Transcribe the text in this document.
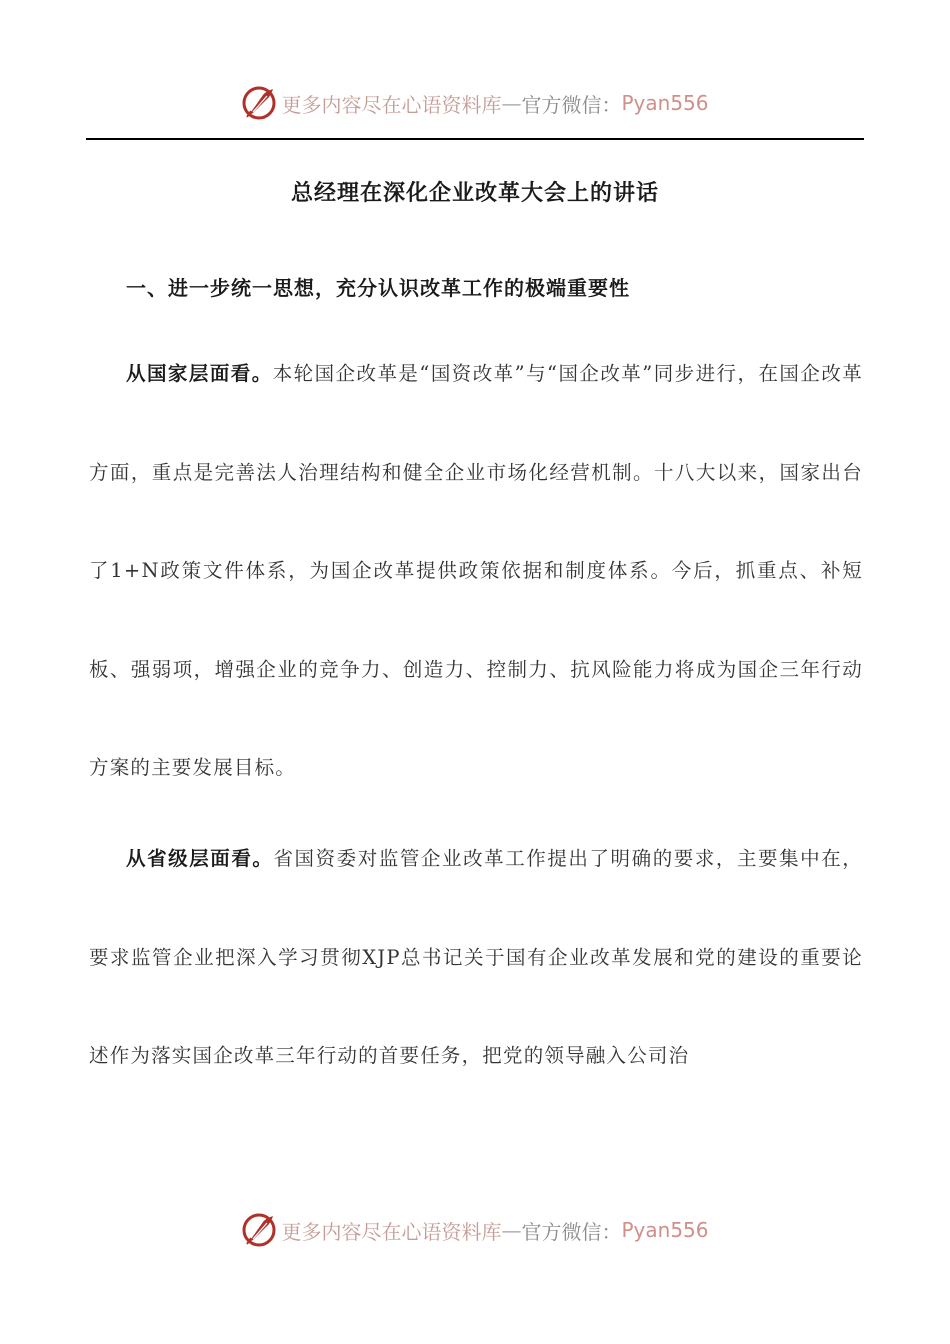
更多内容尽在心语资料库 — 官方微信： Pyan556
总经理在深化企业改革大会上的讲话
一、进一步统一思想，充分认识改革工作的极端重要性
从国家层面看。本轮国企改革是“国资改革”与“国企改革”同步进行，在国企改革方面，重点是完善法人治理结构和健全企业市场化经营机制。十八大以来，国家出台了1+N政策文件体系，为国企改革提供政策依据和制度体系。今后，抓重点、补短板、强弱项，增强企业的竞争力、创造力、控制力、抗风险能力将成为国企三年行动方案的主要发展目标。
从省级层面看。省国资委对监管企业改革工作提出了明确的要求，主要集中在，要求监管企业把深入学习贯彻XJP总书记关于国有企业改革发展和党的建设的重要论述作为落实国企改革三年行动的首要任务，把党的领导融入公司治
更多内容尽在心语资料库 — 官方微信： Pyan556
